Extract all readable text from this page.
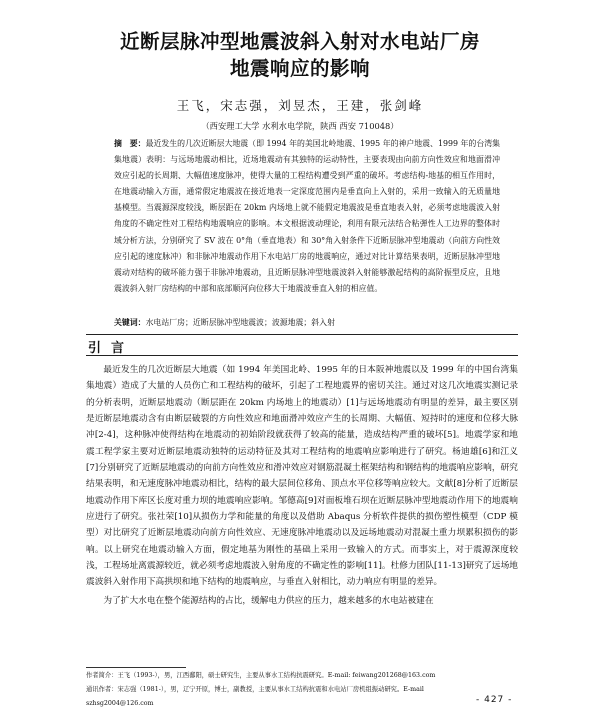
近断层脉冲型地震波斜入射对水电站厂房
地震响应的影响
王飞，宋志强，刘昱杰，王建，张剑峰
（西安理工大学 水利水电学院，陕西 西安 710048）
摘　要：最近发生的几次近断层大地震（即 1994 年的美国北岭地震、1995 年的神户地震、1999 年的台湾集集地震）表明：与远场地震动相比，近场地震动有其独特的运动特性，主要表现由向前方向性效应和地面滑冲效应引起的长周期、大幅值速度脉冲，使得大量的工程结构遭受到严重的破坏。考虑结构-地基的相互作用时，在地震动输入方面，通常假定地震波在接近地表一定深度范围内是垂直向上入射的，采用一致输入的无质量地基模型。当震源深度较浅，断层距在 20km 内场地上就不能假定地震波是垂直地表入射，必须考虑地震波入射角度的不确定性对工程结构地震响应的影响。本文根据波动理论，利用有限元法结合粘弹性人工边界的整体时域分析方法，分别研究了 SV 波在 0°角（垂直地表）和 30°角入射条件下近断层脉冲型地震动（向前方向性效应引起的速度脉冲）和非脉冲地震动作用下水电站厂房的地震响应，通过对比计算结果表明，近断层脉冲型地震动对结构的破坏能力强于非脉冲地震动，且近断层脉冲型地震波斜入射能够激起结构的高阶振型反应，且地震波斜入射厂房结构的中部和底部顺河向位移大于地震波垂直入射的相应值。
关键词：水电站厂房；近断层脉冲型地震波；波源地震；斜入射
引言

最近发生的几次近断层大地震（如 1994 年美国北岭、1995 年的日本阪神地震以及 1999 年的中国台湾集集地震）造成了大量的人员伤亡和工程结构的破坏，引起了工程地震界的密切关注。通过对这几次地震实测记录的分析表明，近断层地震动（断层距在 20km 内场地上的地震动）[1]与远场地震动有明显的差异，最主要区别是近断层地震动含有由断层破裂的方向性效应和地面滑冲效应产生的长周期、大幅值、短持时的速度和位移大脉冲[2-4]，这种脉冲使得结构在地震动的初始阶段就获得了较高的能量，造成结构严重的破坏[5]。地震学家和地震工程学家主要对近断层地震动独特的运动特征及其对工程结构的地震响应影响进行了研究。杨迪雄[6]和江义[7]分别研究了近断层地震动的向前方向性效应和滑冲效应对钢筋混凝土框架结构和钢结构的地震响应影响，研究结果表明，和无速度脉冲地震动相比，结构的最大层间位移角、顶点水平位移等响应较大。文献[8]分析了近断层地震动作用下库区长度对重力坝的地震响应影响。邹德高[9]对面板堆石坝在近断层脉冲型地震动作用下的地震响应进行了研究。张社荣[10]从损伤力学和能量的角度以及借助 Abaqus 分析软件提供的损伤塑性模型（CDP 模型）对比研究了近断层地震动向前方向性效应、无速度脉冲地震动以及远场地震动对混凝土重力坝累积损伤的影响。以上研究在地震动输入方面，假定地基为刚性的基础上采用一致输入的方式。而事实上，对于震源深度较浅，工程场址离震源较近，就必须考虑地震波入射角度的不确定性的影响[11]。杜修力团队[11-13]研究了远场地震波斜入射作用下高拱坝和地下结构的地震响应，与垂直入射相比，动力响应有明显的差异。

为了扩大水电在整个能源结构的占比，缓解电力供应的压力，越来越多的水电站被建在

作者简介：王飞（1993-），男，江西鄱阳，硕士研究生，主要从事水工结构抗震研究。E-mail: feiwang201268@163.com
通讯作者：宋志强（1981-），男，辽宁开原，博士，副教授，主要从事水工结构抗震和水电站厂房机组振动研究。E-mail
szhsg2004@126.com	- 427 -
